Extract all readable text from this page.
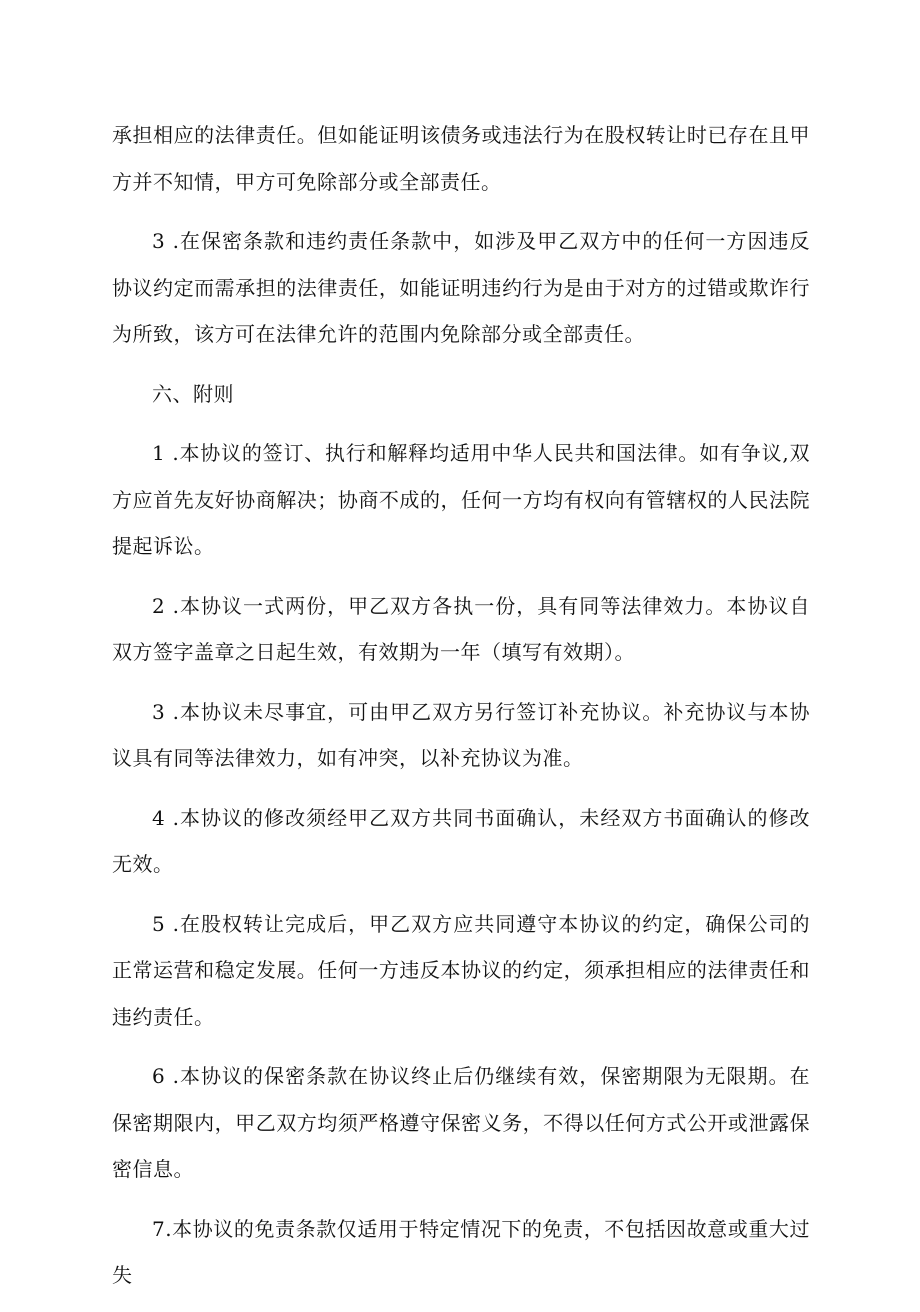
承担相应的法律责任。但如能证明该债务或违法行为在股权转让时已存在且甲方并不知情，甲方可免除部分或全部责任。

3 .在保密条款和违约责任条款中，如涉及甲乙双方中的任何一方因违反协议约定而需承担的法律责任，如能证明违约行为是由于对方的过错或欺诈行为所致，该方可在法律允许的范围内免除部分或全部责任。

六、附则

1 .本协议的签订、执行和解释均适用中华人民共和国法律。如有争议,双方应首先友好协商解决；协商不成的，任何一方均有权向有管辖权的人民法院提起诉讼。

2 .本协议一式两份，甲乙双方各执一份，具有同等法律效力。本协议自双方签字盖章之日起生效，有效期为一年（填写有效期）。

3 .本协议未尽事宜，可由甲乙双方另行签订补充协议。补充协议与本协议具有同等法律效力，如有冲突，以补充协议为准。

4 .本协议的修改须经甲乙双方共同书面确认，未经双方书面确认的修改无效。

5 .在股权转让完成后，甲乙双方应共同遵守本协议的约定，确保公司的正常运营和稳定发展。任何一方违反本协议的约定，须承担相应的法律责任和违约责任。

6 .本协议的保密条款在协议终止后仍继续有效，保密期限为无限期。在保密期限内，甲乙双方均须严格遵守保密义务，不得以任何方式公开或泄露保密信息。

7.本协议的免责条款仅适用于特定情况下的免责，不包括因故意或重大过失
